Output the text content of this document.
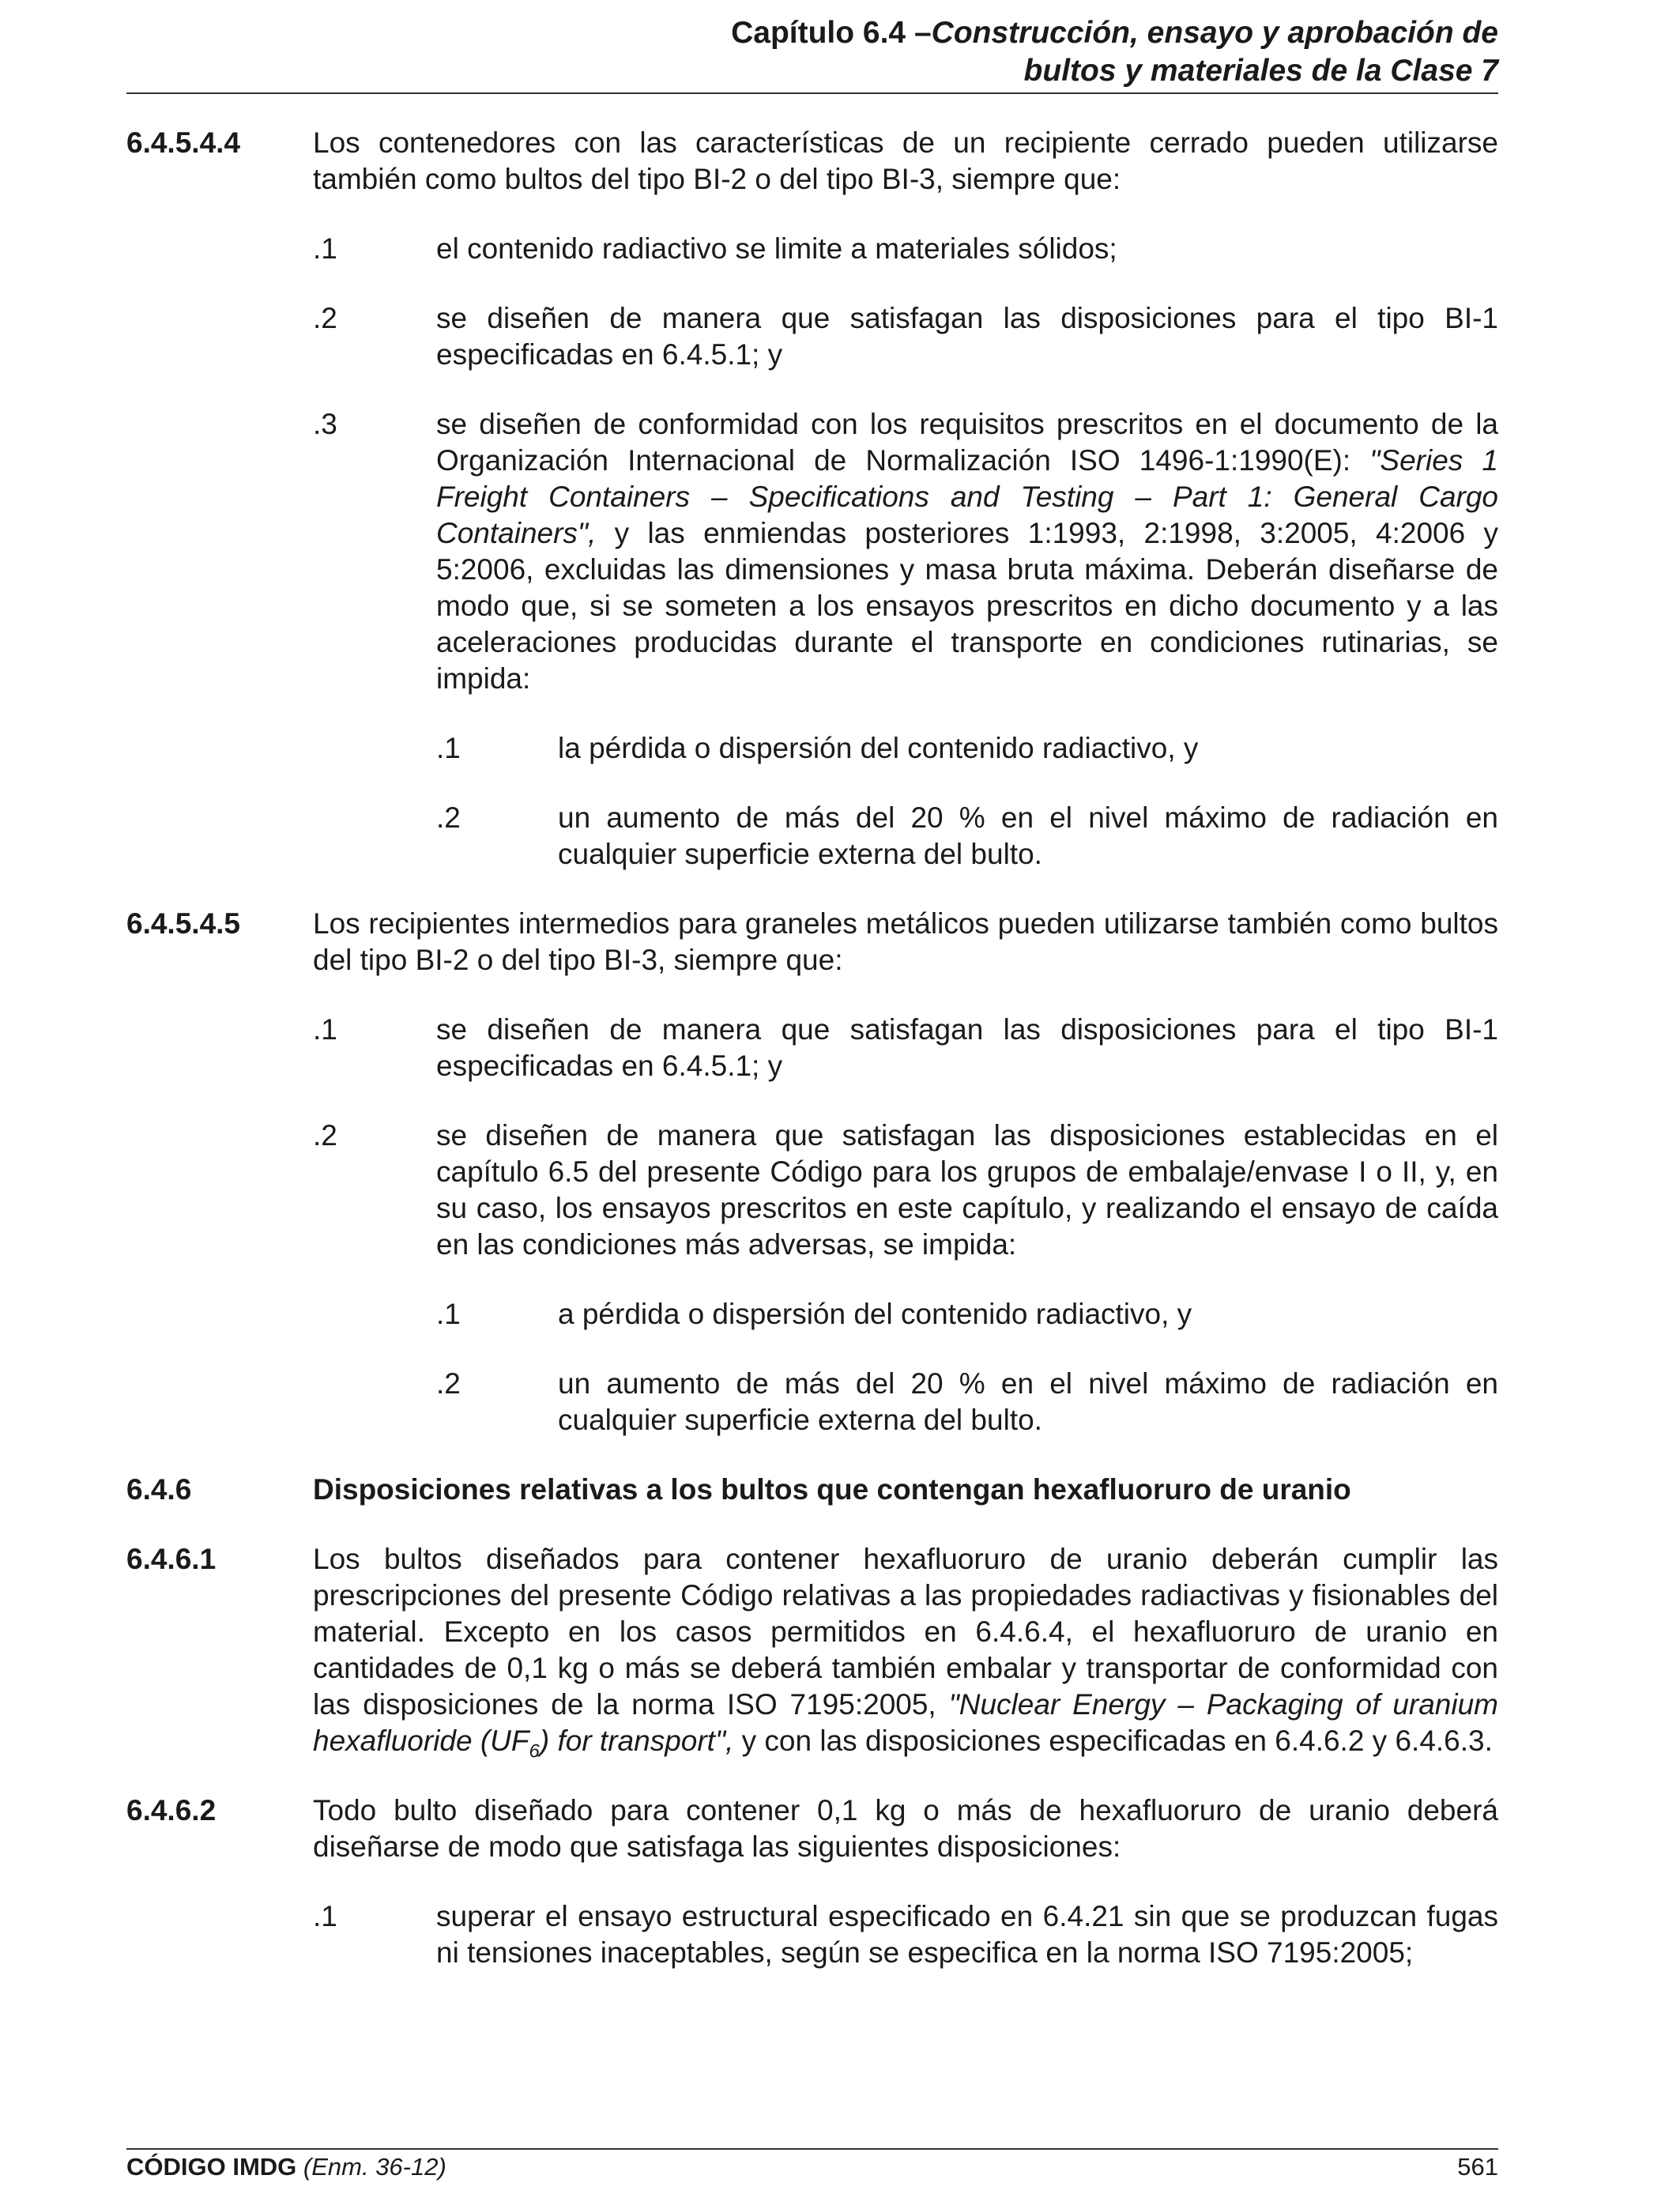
Capítulo 6.4 –Construcción, ensayo y aprobación de
bultos y materiales de la Clase 7
6.4.5.4.4 Los contenedores con las características de un recipiente cerrado pueden utilizarse también como bultos del tipo BI-2 o del tipo BI-3, siempre que:
.1	el contenido radiactivo se limite a materiales sólidos;
.2	se diseñen de manera que satisfagan las disposiciones para el tipo BI-1 especificadas en 6.4.5.1; y
.3	se diseñen de conformidad con los requisitos prescritos en el documento de la Organización Internacional de Normalización ISO 1496-1:1990(E): "Series 1 Freight Containers – Specifications and Testing – Part 1: General Cargo Containers", y las enmiendas posteriores 1:1993, 2:1998, 3:2005, 4:2006 y 5:2006, excluidas las dimensiones y masa bruta máxima. Deberán diseñarse de modo que, si se someten a los ensayos prescritos en dicho documento y a las aceleraciones producidas durante el transporte en condiciones rutinarias, se impida:
.1	la pérdida o dispersión del contenido radiactivo, y
.2	un aumento de más del 20 % en el nivel máximo de radiación en cualquier superficie externa del bulto.
6.4.5.4.5 Los recipientes intermedios para graneles metálicos pueden utilizarse también como bultos del tipo BI-2 o del tipo BI-3, siempre que:
.1	se diseñen de manera que satisfagan las disposiciones para el tipo BI-1 especificadas en 6.4.5.1; y
.2	se diseñen de manera que satisfagan las disposiciones establecidas en el capítulo 6.5 del presente Código para los grupos de embalaje/envase I o II, y, en su caso, los ensayos prescritos en este capítulo, y realizando el ensayo de caída en las condiciones más adversas, se impida:
.1	a pérdida o dispersión del contenido radiactivo, y
.2	un aumento de más del 20 % en el nivel máximo de radiación en cualquier superficie externa del bulto.
6.4.6	Disposiciones relativas a los bultos que contengan hexafluoruro de uranio
6.4.6.1	Los bultos diseñados para contener hexafluoruro de uranio deberán cumplir las prescripciones del presente Código relativas a las propiedades radiactivas y fisionables del material. Excepto en los casos permitidos en 6.4.6.4, el hexafluoruro de uranio en cantidades de 0,1 kg o más se deberá también embalar y transportar de conformidad con las disposiciones de la norma ISO 7195:2005, "Nuclear Energy – Packaging of uranium hexafluoride $(UF_6)$ for transport", y con las disposiciones especificadas en 6.4.6.2 y 6.4.6.3.
6.4.6.2	Todo bulto diseñado para contener 0,1 kg o más de hexafluoruro de uranio deberá diseñarse de modo que satisfaga las siguientes disposiciones:
.1	superar el ensayo estructural especificado en 6.4.21 sin que se produzcan fugas ni tensiones inaceptables, según se especifica en la norma ISO 7195:2005;
CÓDIGO IMDG (Enm. 36-12)	561
